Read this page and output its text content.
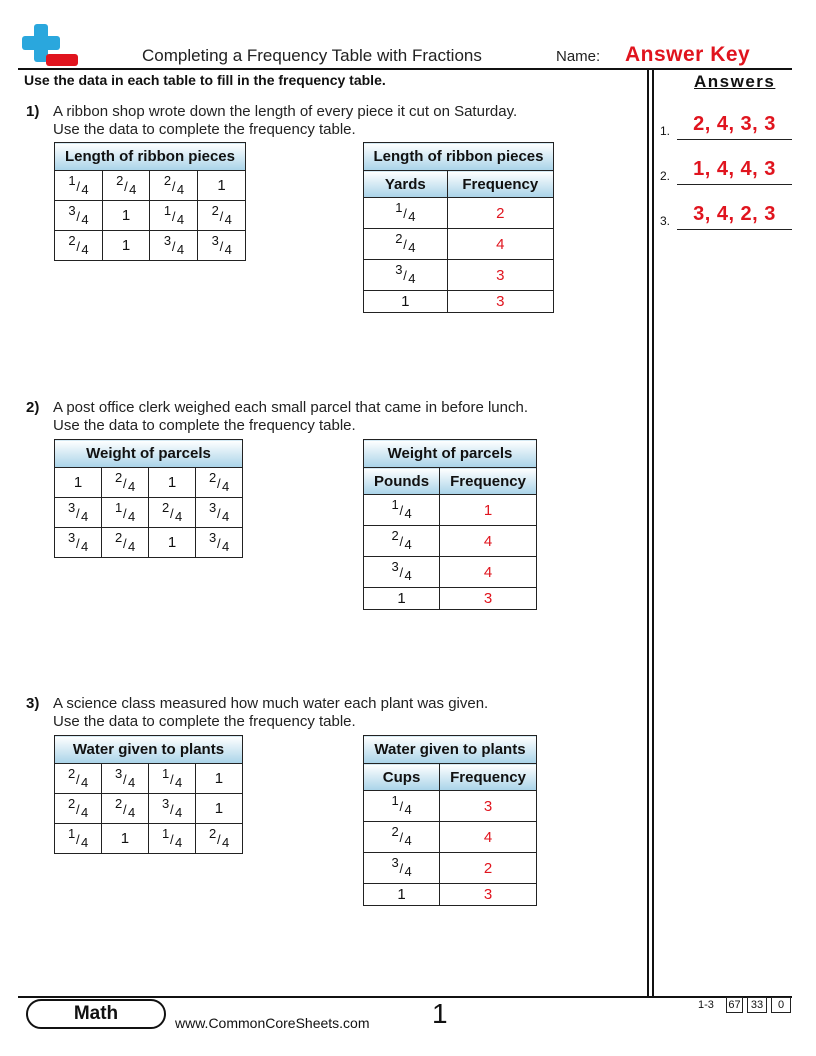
Completing a Frequency Table with Fractions	Name: Answer Key
Use the data in each table to fill in the frequency table.	Answers
1.	2, 4, 3, 3
2.	1, 4, 4, 3
3.	3, 4, 2, 3
1) A ribbon shop wrote down the length of every piece it cut on Saturday.
Use the data to complete the frequency table.
Length of ribbon pieces			

1 / 4	2 / 4	2 / 4	1

3 / 4	1	1 / 4	2 / 4

2 / 4	1	3 / 4	3 / 4
Length of ribbon pieces	
Yards	Frequency

1 / 4	2

2 / 4	4

3 / 4	3
1	3
2) A post office clerk weighed each small parcel that came in before lunch.
Use the data to complete the frequency table.
Weight of parcels			
1	2 / 4	1	2 / 4

3 / 4	1 / 4	2 / 4	3 / 4

3 / 4	2 / 4	1	3 / 4
Weight of parcels	
Pounds	Frequency

1 / 4	1

2 / 4	4

3 / 4	4
1	3
3) A science class measured how much water each plant was given.
Use the data to complete the frequency table.
Water given to plants			

2 / 4	3 / 4	1 / 4	1

2 / 4	2 / 4	3 / 4	1

1 / 4	1	1 / 4	2 / 4
Water given to plants	
Cups	Frequency

1 / 4	3

2 / 4	4

3 / 4	2
1	3
Math	www.CommonCoreSheets.com 1	1-3 67 33	0
